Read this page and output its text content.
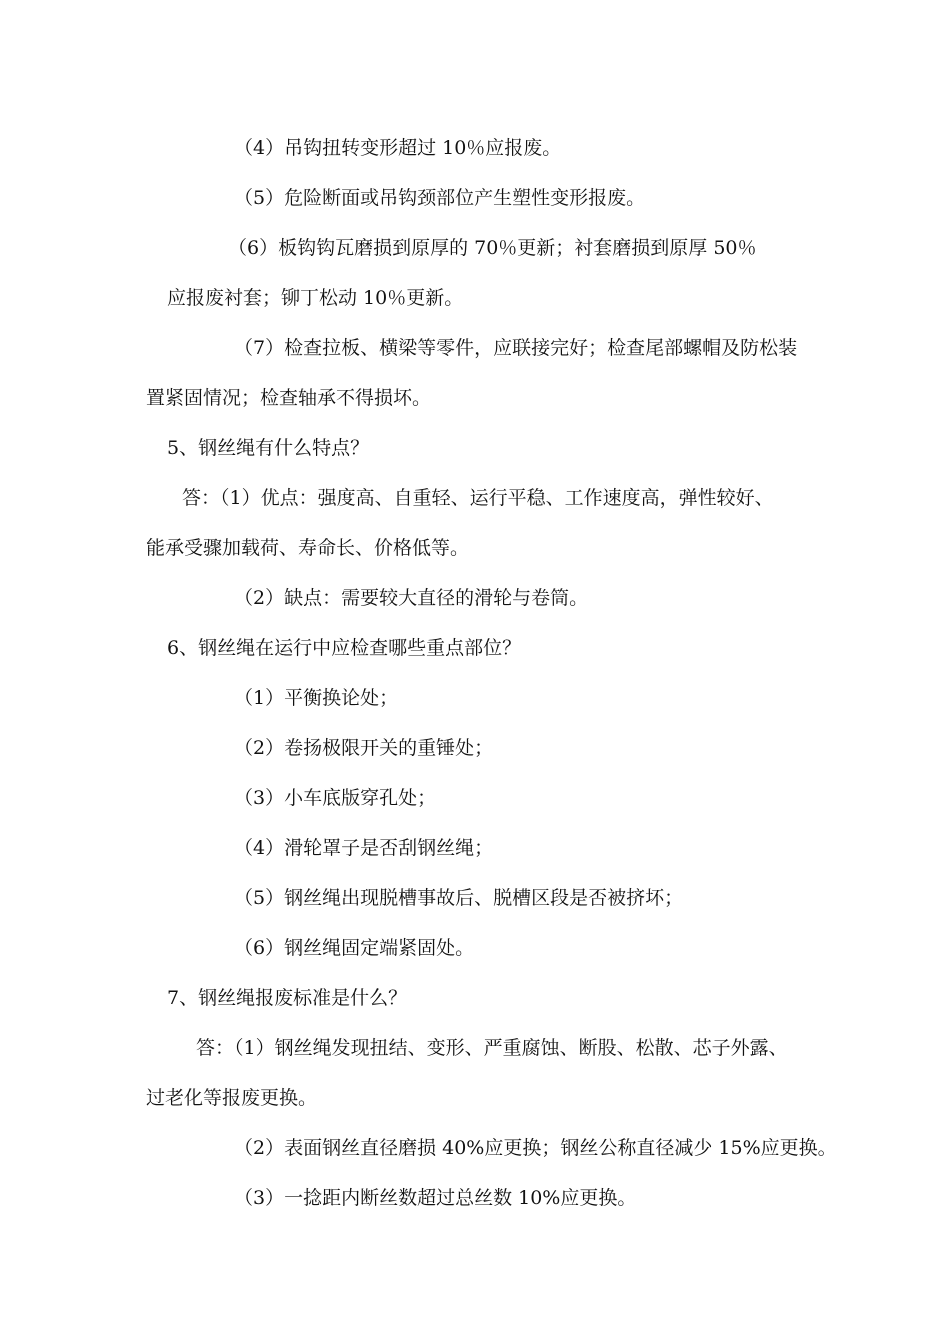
（4）吊钩扭转变形超过 10％应报废。
（5）危险断面或吊钩颈部位产生塑性变形报废。
（6）板钩钩瓦磨损到原厚的 70％更新；衬套磨损到原厚 50％
应报废衬套；铆丁松动 10％更新。
（7）检查拉板、横梁等零件，应联接完好；检查尾部螺帽及防松装
置紧固情况；检查轴承不得损坏。
5、钢丝绳有什么特点？
答：（1）优点：强度高、自重轻、运行平稳、工作速度高，弹性较好、
能承受骤加载荷、寿命长、价格低等。
（2）缺点：需要较大直径的滑轮与卷筒。
6、钢丝绳在运行中应检查哪些重点部位？
（1）平衡换论处；
（2）卷扬极限开关的重锤处；
（3）小车底版穿孔处；
（4）滑轮罩子是否刮钢丝绳；
（5）钢丝绳出现脱槽事故后、脱槽区段是否被挤坏；
（6）钢丝绳固定端紧固处。
7、钢丝绳报废标准是什么？
答：（1）钢丝绳发现扭结、变形、严重腐蚀、断股、松散、芯子外露、
过老化等报废更换。
（2）表面钢丝直径磨损 40%应更换；钢丝公称直径减少 15%应更换。
（3）一捻距内断丝数超过总丝数 10%应更换。
